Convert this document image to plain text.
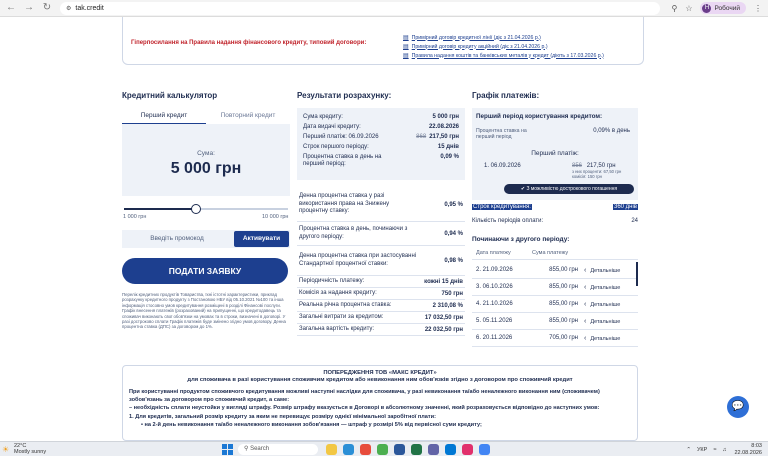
← → ↻	⚙ tak.credit	⚲ ☆	H Робочий ⋮
Гіперпосилання на Правила надання фінансового кредиту, типовий договори:
▤ Примірний договір кредитної лінії (діє з 21.04.2026 р.)
▤ Примірний договір кредиту акційний (діє з 21.04.2026 р.)
▤ Правила надання коштів та банківських металів у кредит (діють з 17.03.2026 р.)
Кредитний калькулятор
Перший кредит	Повторний кредит
Сума:
5 000 грн
1 000 грн	10 000 грн
Введіть промокод	Активувати
ПОДАТИ ЗАЯВКУ
Перелік кредитних продуктів Товариства, їхні істотні характеристики, приклад розрахунку кредитного продукту з Постановою НБУ від 05.10.2021 №100 та інша інформація стосовно умов кредитування розміщені в розділі Фінансові послуги. Графік внесення платежів (розрахований) на припущенні, що кредитодавець та споживач виконають свої обов'язки на умовах та в строки, визначені в договорі. У разі достроково сплати Графік платежів буде змінено згідно умов договору. Денна процентна ставка (ДПС) за договором до 1%.
Результати розрахунку:
Сума кредиту:	5 000 грн
Дата видачі кредиту:	22.08.2026
Перший платіж: 06.09.2026	868 217,50 грн
Строк першого періоду:	15 днів
Процентна ставка в день на перший період:
0,09 %
Денна процентна ставка у разі використання права на Знижену процентну ставку:
0,95 %
Процентна ставка в день, починаючи з другого періоду:	0,94 %
Денна процентна ставка при застосуванні Стандартної процентної ставки:	0,98 %
Періодичність платежу:	кожні 15 днів
Комісія за надання кредиту:	750 грн
Реальна річна процентна ставка:	2 310,08 %
Загальні витрати за кредитом:	17 032,50 грн
Загальна вартість кредиту:	22 032,50 грн
Графік платежів:
Перший період користування кредитом:
Процентна ставка на перший період
0,09% в день
Перший платіж:
1. 06.09.2026	856 217,50 грн
з них проценти: 67,50 грн
комісія: 150 грн
✔ З можливістю дострокового погашення
Строк кредитування:	360 днів
Кількість періодів оплати:	24
Починаючи з другого періоду:
Дата платежу	Сума платежу
2. 21.09.2026	855,00 грн ‹ Детальніше
3. 06.10.2026	855,00 грн ‹ Детальніше
4. 21.10.2026	855,00 грн ‹ Детальніше
5. 05.11.2026	855,00 грн ‹ Детальніше
6. 20.11.2026	705,00 грн ‹ Детальніше
ПОПЕРЕДЖЕННЯ ТОВ «МАКС КРЕДИТ»
для споживача в разі користування споживчим кредитом або невиконання ним обов'язків згідно з договором про споживчий кредит
При користуванні продуктом споживчого кредитування можливі наступні наслідки для споживача, у разі невиконання та/або неналежного виконання ним (споживачем) зобов'язань за договором про споживчий кредит, а саме:
– необхідність сплати неустойки у вигляді штрафу. Розмір штрафу вказується в Договорі в абсолютному значенні, який розраховується відповідно до наступних умов:
1. Для кредитів, загальний розмір кредиту за яким не перевищує розміру однієї мінімальної заробітної плати:
• на 2-й день невиконання та/або неналежного виконання зобов'язання — штраф у розмірі 5% від первісної суми кредиту;
💬
☀ 22°C
Mostly sunny	⚲ Search	⌃ УКР ≈ ♫
8:03
22.08.2026
